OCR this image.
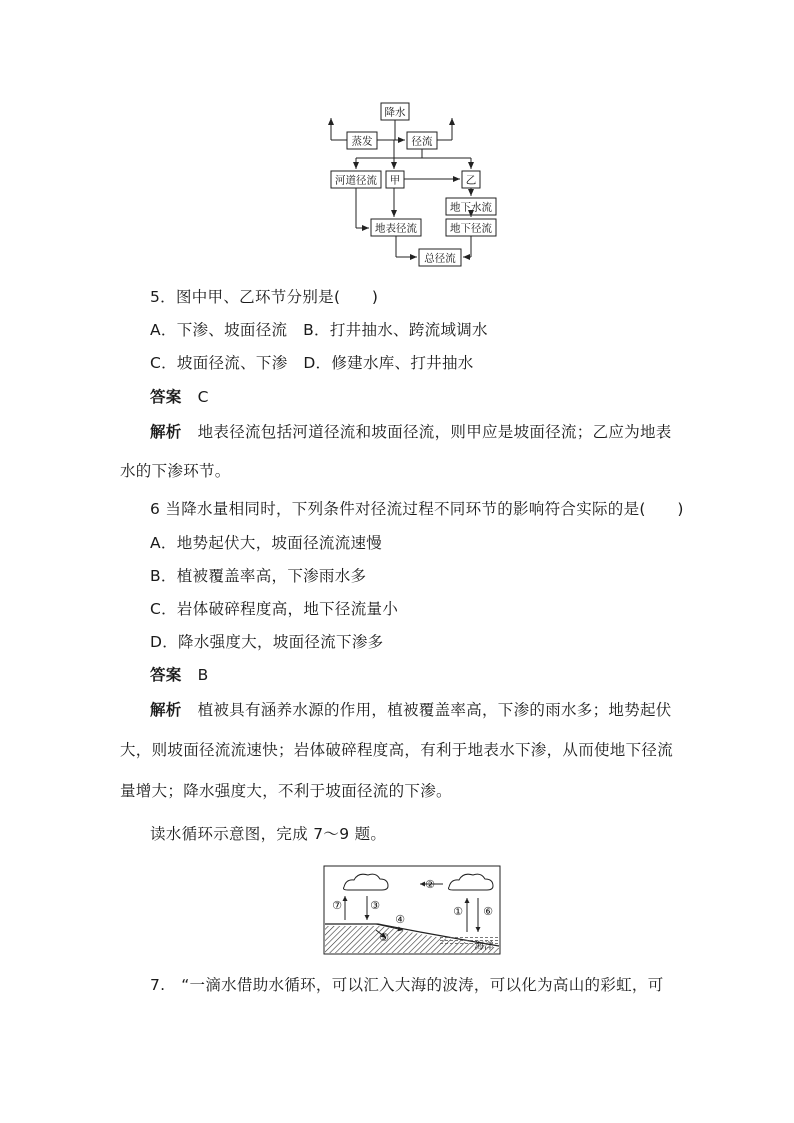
降水
蒸发	径流
河道径流 甲	乙
地下水流
地表径流	地下径流
总径流
5．图中甲、乙环节分别是(　　)
A．下渗、坡面径流　B．打井抽水、跨流域调水
C．坡面径流、下渗　D．修建水库、打井抽水
答案 C
解析 地表径流包括河道径流和坡面径流，则甲应是坡面径流；乙应为地表
水的下渗环节。
6 当降水量相同时，下列条件对径流过程不同环节的影响符合实际的是(　　)
A．地势起伏大，坡面径流流速慢
B．植被覆盖率高，下渗雨水多
C．岩体破碎程度高，地下径流量小
D．降水强度大，坡面径流下渗多
答案 B
解析 植被具有涵养水源的作用，植被覆盖率高，下渗的雨水多；地势起伏
大，则坡面径流流速快；岩体破碎程度高，有利于地表水下渗，从而使地下径流
量增大；降水强度大，不利于坡面径流的下渗。
读水循环示意图，完成 7～9 题。
⑦	③
②
① ⑥
④
⑤
海洋
7.　“一滴水借助水循环，可以汇入大海的波涛，可以化为高山的彩虹，可
